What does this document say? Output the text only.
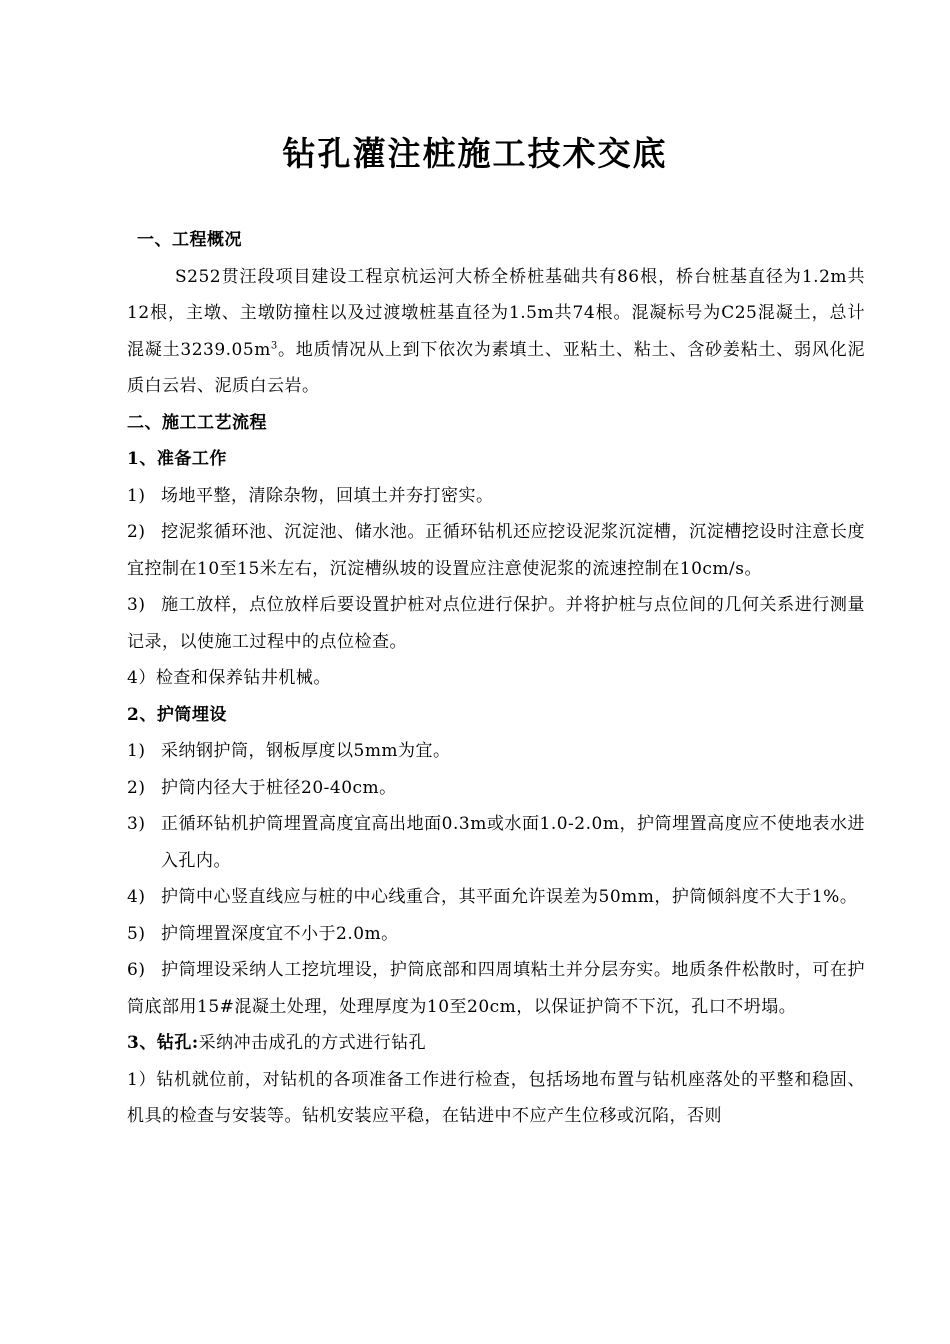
钻孔灌注桩施工技术交底

一、工程概况

S252贯汪段项目建设工程京杭运河大桥全桥桩基础共有86根，桥台桩基直径为1.2m共12根，主墩、主墩防撞柱以及过渡墩桩基直径为1.5m共74根。混凝标号为C25混凝土，总计混凝土$3239.05m^3$。地质情况从上到下依次为素填土、亚粘土、粘土、含砂姜粘土、弱风化泥质白云岩、泥质白云岩。

二、施工工艺流程

1、准备工作

1) 场地平整，清除杂物，回填土并夯打密实。

2) 挖泥浆循环池、沉淀池、储水池。正循环钻机还应挖设泥浆沉淀槽，沉淀槽挖设时注意长度宜控制在10至15米左右，沉淀槽纵坡的设置应注意使泥浆的流速控制在10cm/s。

3) 施工放样，点位放样后要设置护桩对点位进行保护。并将护桩与点位间的几何关系进行测量记录，以使施工过程中的点位检查。

4）检查和保养钻井机械。

2、护筒埋设

1) 采纳钢护筒，钢板厚度以5mm为宜。

2) 护筒内径大于桩径20-40cm。

3) 正循环钻机护筒埋置高度宜高出地面0.3m或水面1.0-2.0m，护筒埋置高度应不使地表水进入孔内。

4) 护筒中心竖直线应与桩的中心线重合，其平面允许误差为50mm，护筒倾斜度不大于1%。

5) 护筒埋置深度宜不小于2.0m。

6) 护筒埋设采纳人工挖坑埋设，护筒底部和四周填粘土并分层夯实。地质条件松散时，可在护筒底部用15#混凝土处理，处理厚度为10至20cm，以保证护筒不下沉，孔口不坍塌。

3、钻孔:采纳冲击成孔的方式进行钻孔

1）钻机就位前，对钻机的各项准备工作进行检查，包括场地布置与钻机座落处的平整和稳固、机具的检查与安装等。钻机安装应平稳，在钻进中不应产生位移或沉陷，否则
